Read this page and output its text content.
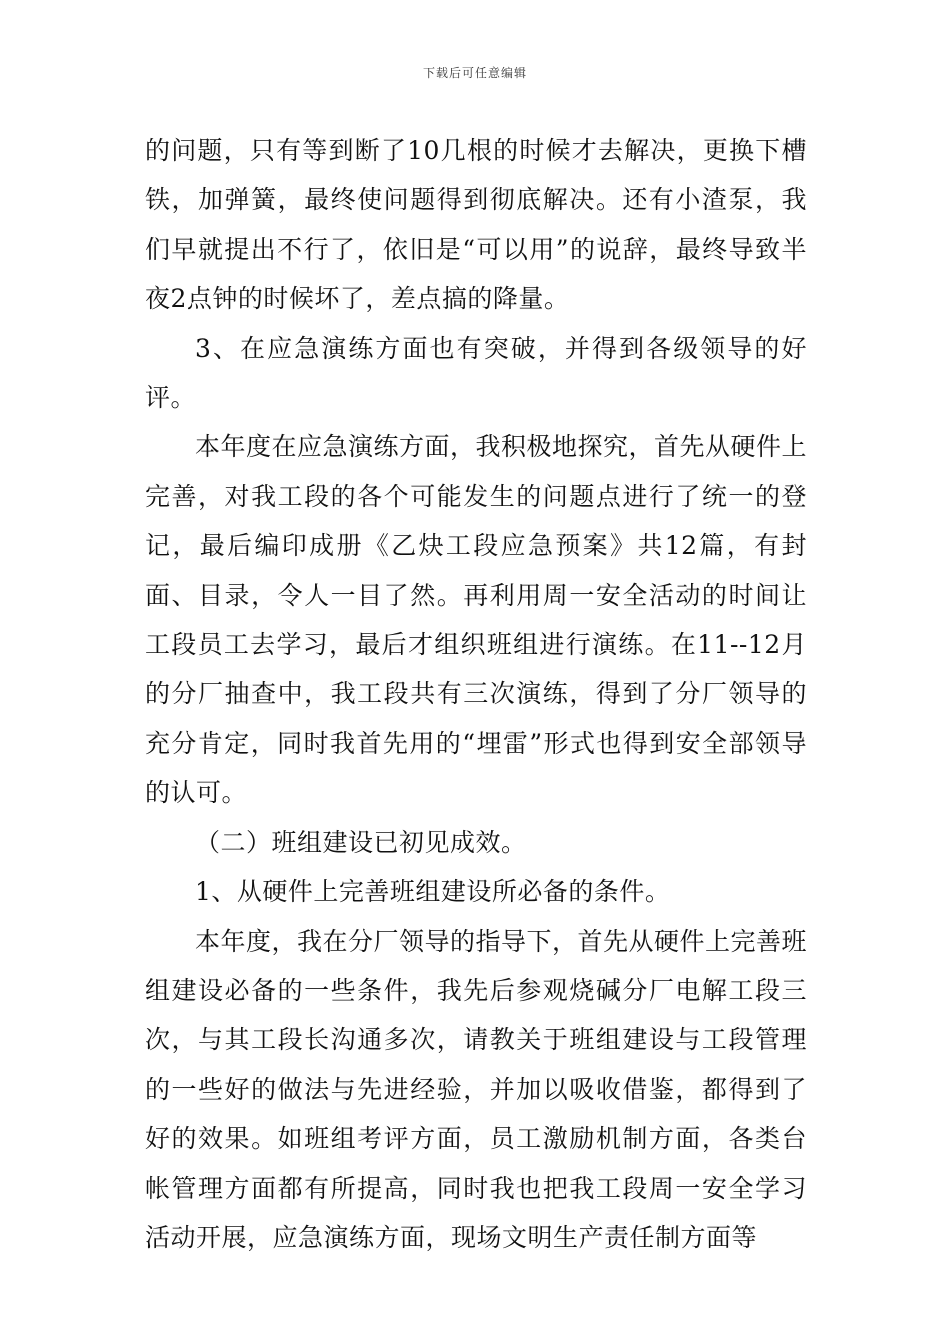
下载后可任意编辑

的问题，只有等到断了10几根的时候才去解决，更换下槽铁，加弹簧，最终使问题得到彻底解决。还有小渣泵，我们早就提出不行了，依旧是“可以用”的说辞，最终导致半夜2点钟的时候坏了，差点搞的降量。

3、在应急演练方面也有突破，并得到各级领导的好评。

本年度在应急演练方面，我积极地探究，首先从硬件上完善，对我工段的各个可能发生的问题点进行了统一的登记，最后编印成册《乙炔工段应急预案》共12篇，有封面、目录，令人一目了然。再利用周一安全活动的时间让工段员工去学习，最后才组织班组进行演练。在11--12月的分厂抽查中，我工段共有三次演练，得到了分厂领导的充分肯定，同时我首先用的“埋雷”形式也得到安全部领导的认可。

（二）班组建设已初见成效。

1、从硬件上完善班组建设所必备的条件。

本年度，我在分厂领导的指导下，首先从硬件上完善班组建设必备的一些条件，我先后参观烧碱分厂电解工段三次，与其工段长沟通多次，请教关于班组建设与工段管理的一些好的做法与先进经验，并加以吸收借鉴，都得到了好的效果。如班组考评方面，员工激励机制方面，各类台帐管理方面都有所提高，同时我也把我工段周一安全学习活动开展，应急演练方面，现场文明生产责任制方面等
